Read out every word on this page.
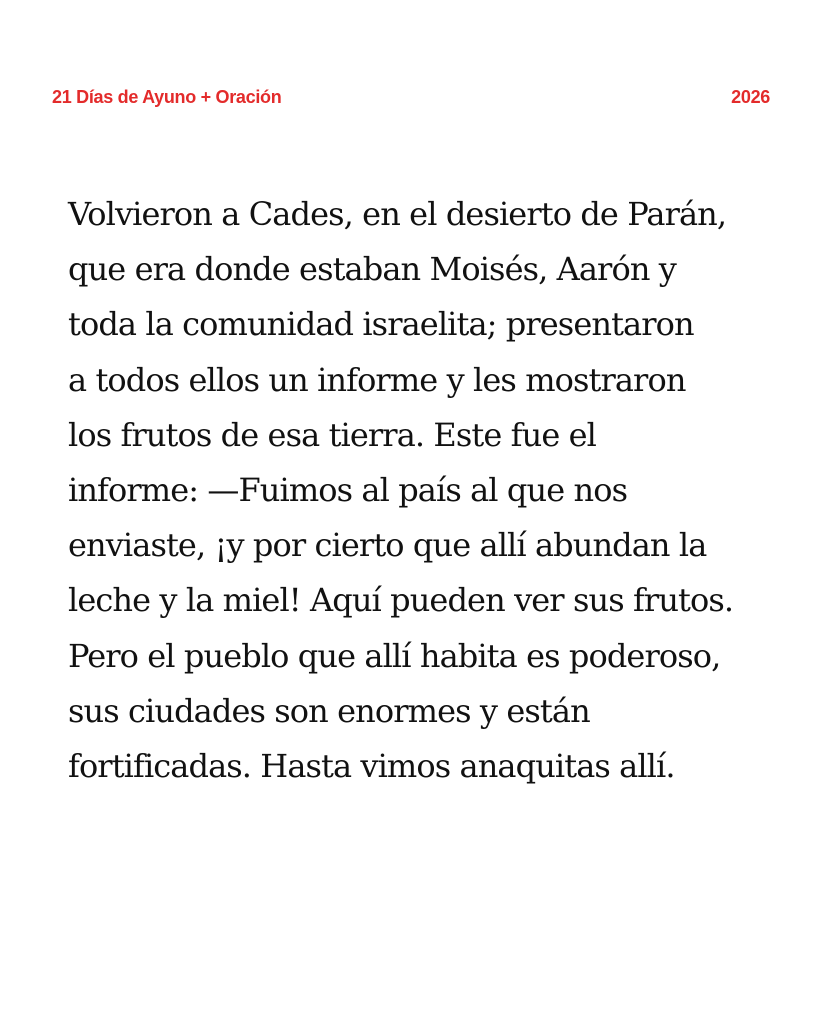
21 Días de Ayuno + Oración	2026
Volvieron a Cades, en el desierto de Parán,
que era donde estaban Moisés, Aarón y
toda la comunidad israelita; presentaron
a todos ellos un informe y les mostraron
los frutos de esa tierra. Este fue el
informe: —Fuimos al país al que nos
enviaste, ¡y por cierto que allí abundan la
leche y la miel! Aquí pueden ver sus frutos.
Pero el pueblo que allí habita es poderoso,
sus ciudades son enormes y están
fortificadas. Hasta vimos anaquitas allí.
